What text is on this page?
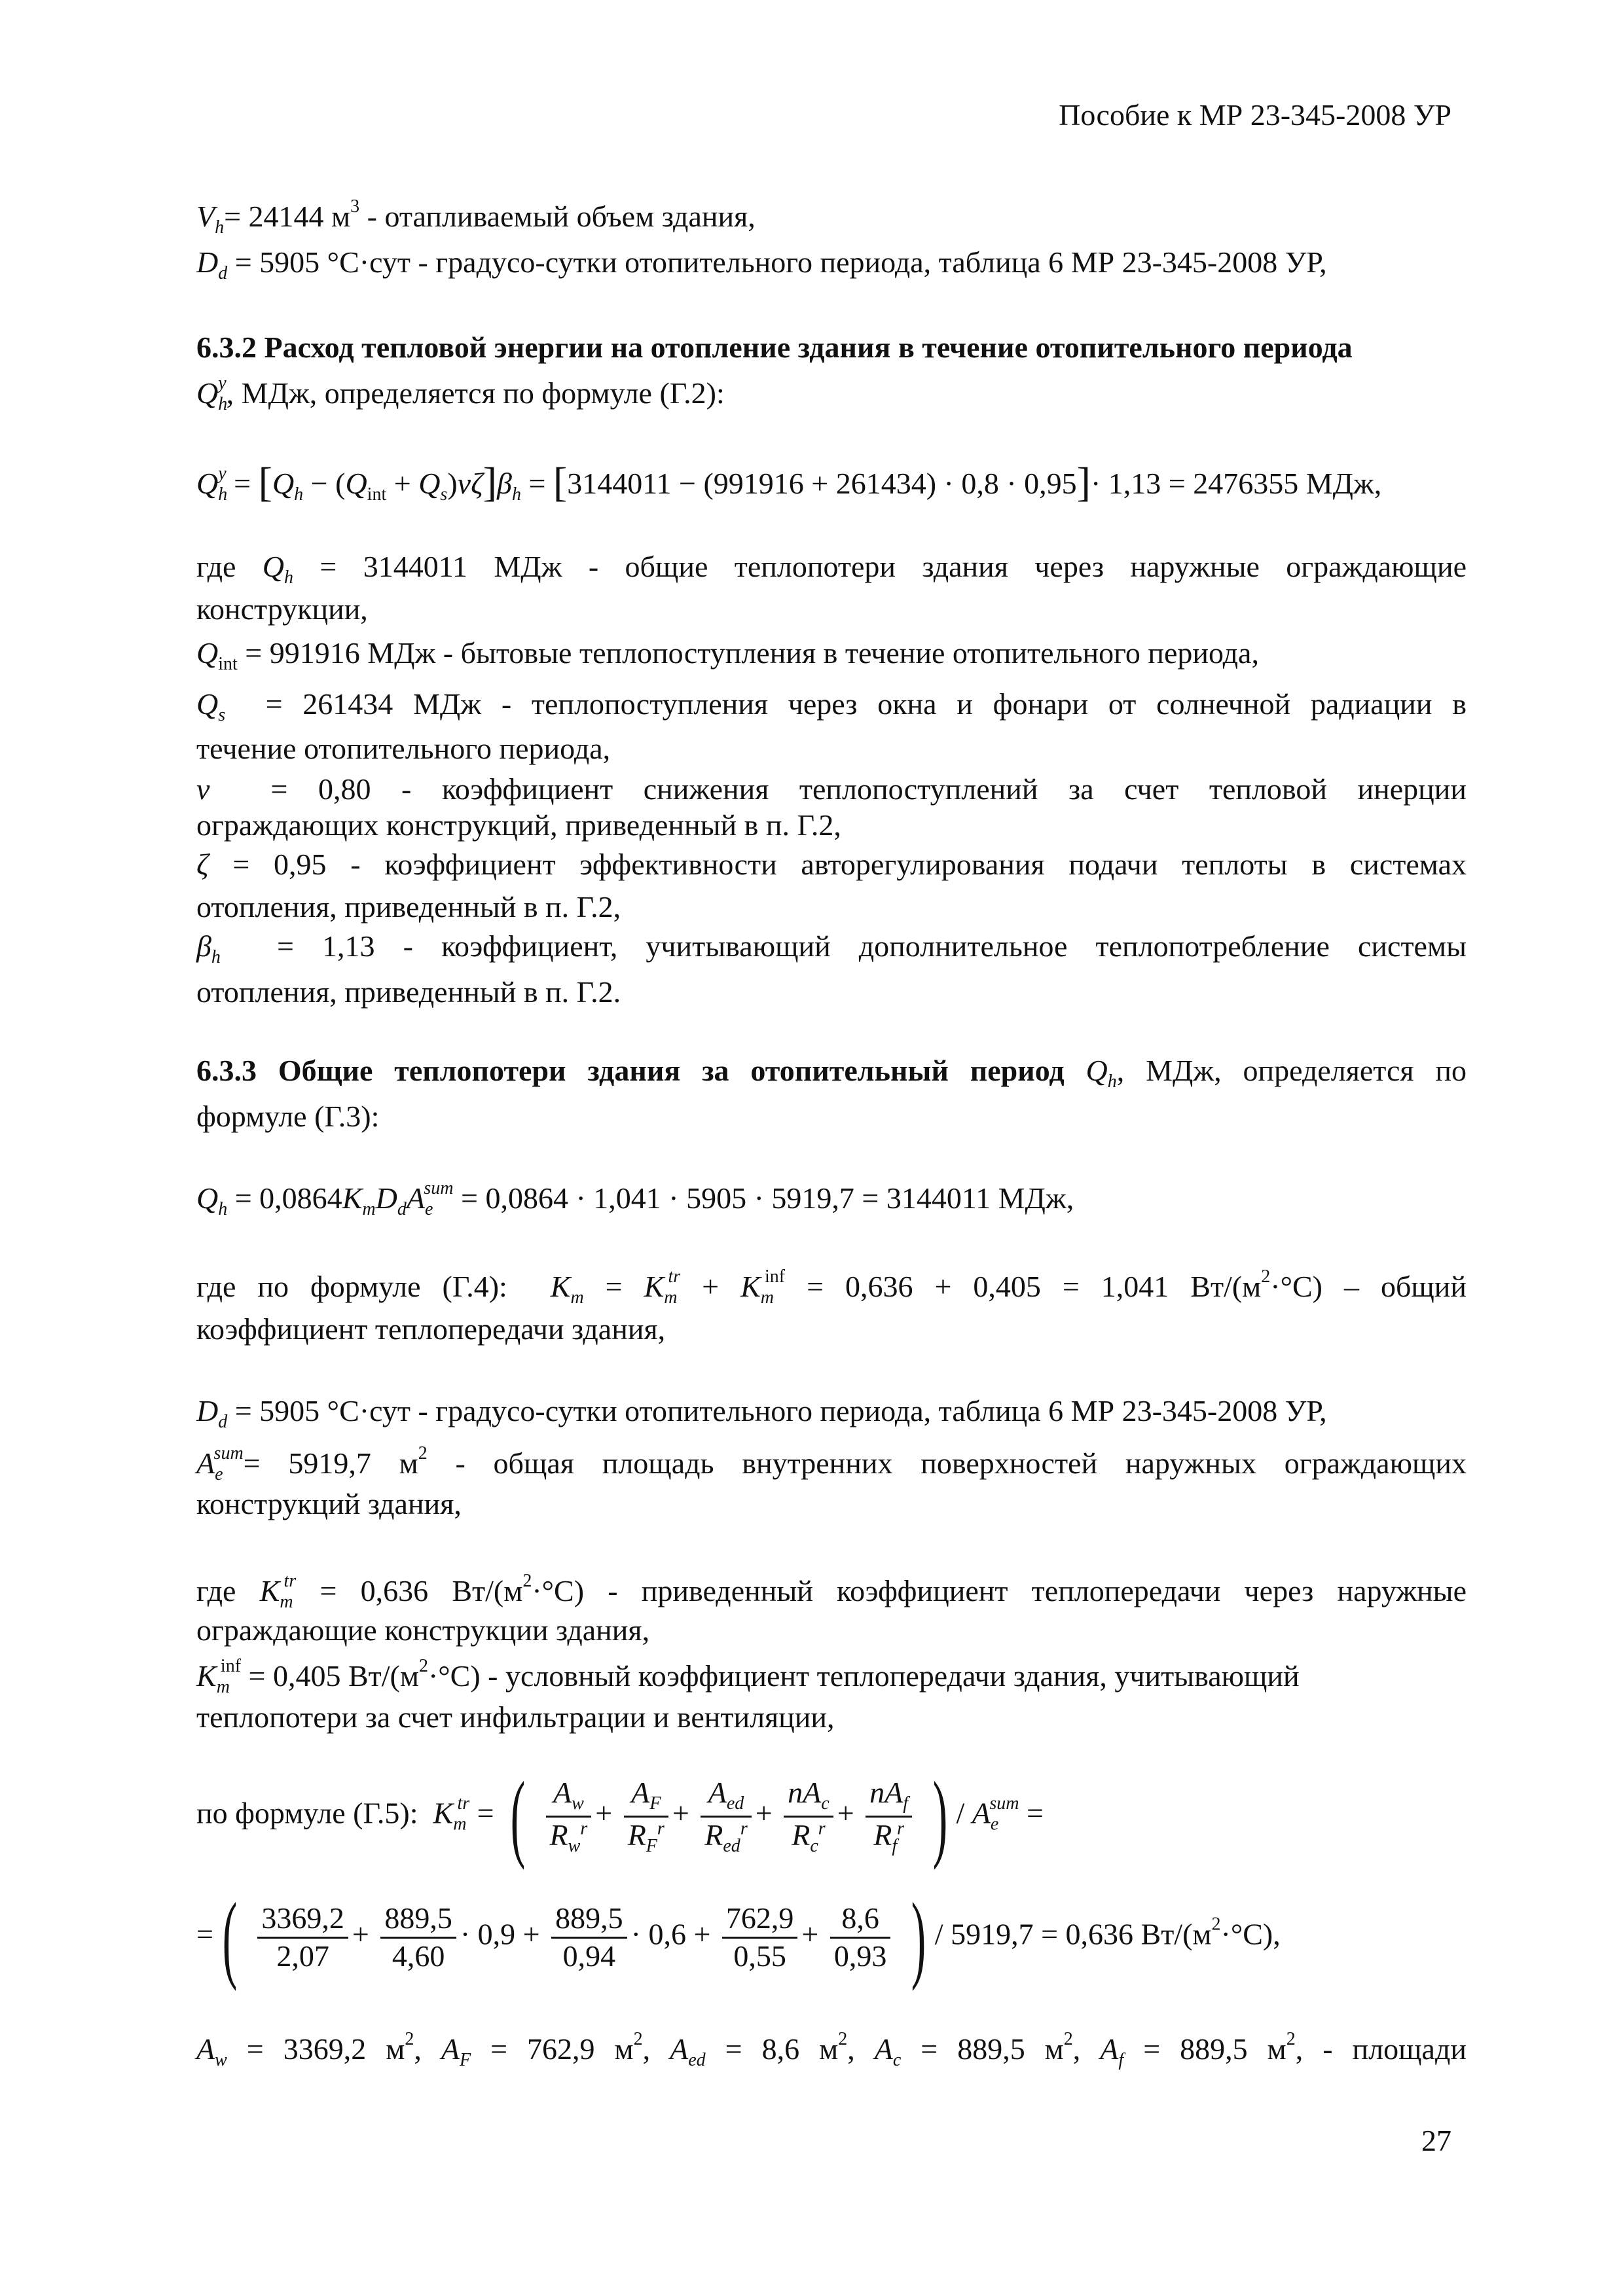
Пособие к МР 23-345-2008 УР
$V_h= 24144$ $м^3$ - отапливаемый объем здания,
$D_d = 5905$ °С·сут - градусо-сутки отопительного периода, таблица 6 МР 23-345-2008 УР,
6.3.2 Расход тепловой энергии на отопление здания в течение отопительного периода
$Q_h^y$, МДж, определяется по формуле (Г.2):
$Q_h^y = [Q_h - (Q_{int} + Q_s)\nu\zeta]\beta_h = [3144011 - (991916 + 261434) \cdot 0,8 \cdot 0,95]\cdot 1,13 = 2476355$ МДж,
где $Q_h = 3144011$ МДж - общие теплопотери здания через наружные ограждающие
конструкции,
$Q_{int} = 991916$ МДж - бытовые теплопоступления в течение отопительного периода,
$Q_s = 261434$ МДж - теплопоступления через окна и фонари от солнечной радиации в
течение отопительного периода,
ν = 0,80 - коэффициент снижения теплопоступлений за счет тепловой инерции
ограждающих конструкций, приведенный в п. Г.2,
ζ = 0,95 - коэффициент эффективности авторегулирования подачи теплоты в системах
отопления, приведенный в п. Г.2,
$\beta_h = 1,13$ - коэффициент, учитывающий дополнительное теплопотребление системы
отопления, приведенный в п. Г.2.
6.3.3 Общие теплопотери здания за отопительный период $Q_h$, МДж, определяется по
формуле (Г.3):
$Q_h = 0,0864K_mD_dA_e^{sum} = 0,0864 \cdot 1,041 \cdot 5905 \cdot 5919,7 = 3144011$ МДж,
где по формуле (Г.4): $K_m = K_m^{tr} + K_m^{inf} = 0,636 + 0,405 = 1,041$ $Вт/(м^2\cdot^\circ С)$ – общий
коэффициент теплопередачи здания,
$D_d = 5905$ °С·сут - градусо-сутки отопительного периода, таблица 6 МР 23-345-2008 УР,
$A_e^{sum}= 5919,7$ $м^2$ - общая площадь внутренних поверхностей наружных ограждающих
конструкций здания,
где $K_m^{tr} = 0,636$ $Вт/(м^2\cdot^\circ С)$ - приведенный коэффициент теплопередачи через наружные
ограждающие конструкции здания,
$K_m^{inf} = 0,405$ $Вт/(м^2\cdot^\circ С)$ - условный коэффициент теплопередачи здания, учитывающий
теплопотери за счет инфильтрации и вентиляции,
по формуле (Г.5): $K_m^{tr}$ = ( $\frac{A_w}{R_w^r} + \frac{A_F}{R_F^r} + \frac{A_{ed}}{R_{ed}^r} + \frac{nA_c}{R_c^r} + \frac{nA_f}{R_f^r}$ ) / $A_e^{sum}$ =
=( $\frac{3369,2}{2,07} + \frac{889,5}{4,60} \cdot 0,9 + \frac{889,5}{0,94} \cdot 0,6 + \frac{762,9}{0,55} + \frac{8,6}{0,93}$ ) / 5919,7 = 0,636 $Вт/(м^2\cdot^\circ С)$,
$A_w = 3369,2$ $м^2$, $A_F = 762,9$ $м^2$, $A_{ed} = 8,6$ $м^2$, $A_c = 889,5$ $м^2$, $A_f = 889,5$ $м^2$, - площади
27
